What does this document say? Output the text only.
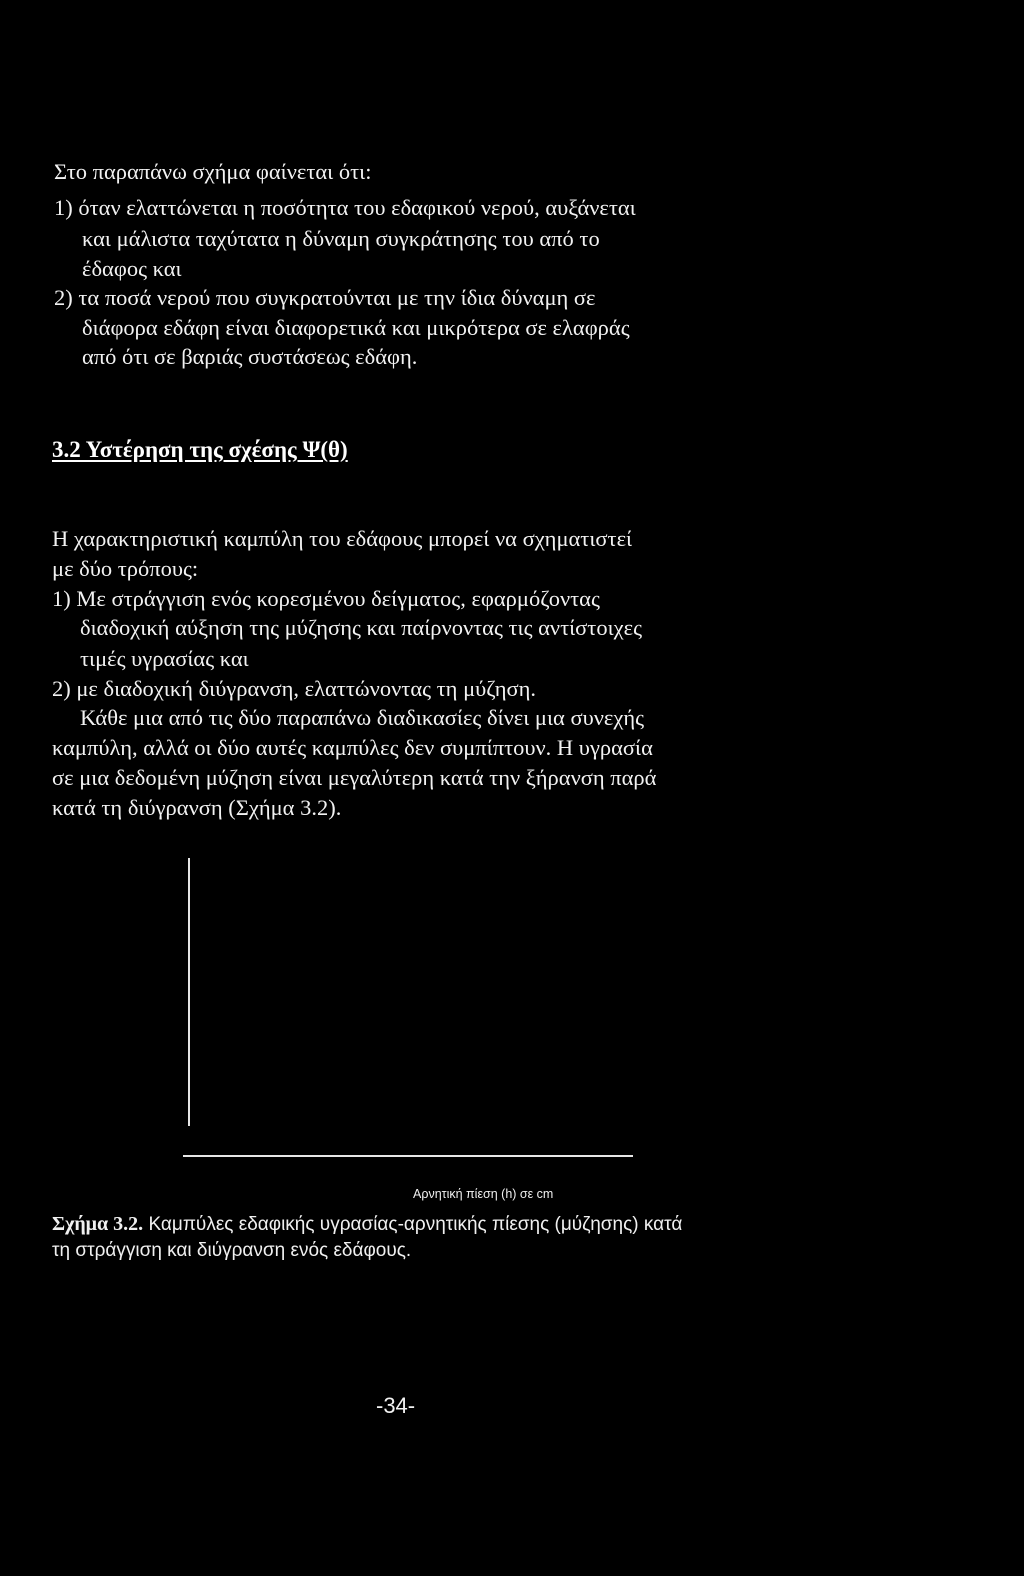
Στο παραπάνω σχήμα φαίνεται ότι:
1) όταν ελαττώνεται η ποσότητα του εδαφικού νερού, αυξάνεται
και μάλιστα ταχύτατα η δύναμη συγκράτησης του από το
έδαφος και
2) τα ποσά νερού που συγκρατούνται με την ίδια δύναμη σε
διάφορα εδάφη είναι διαφορετικά και μικρότερα σε ελαφράς
από ότι σε βαριάς συστάσεως εδάφη.
3.2 Υστέρηση της σχέσης Ψ(θ)
Η χαρακτηριστική καμπύλη του εδάφους μπορεί να σχηματιστεί
με δύο τρόπους:
1) Με στράγγιση ενός κορεσμένου δείγματος, εφαρμόζοντας
διαδοχική αύξηση της μύζησης και παίρνοντας τις αντίστοιχες
τιμές υγρασίας και
2) με διαδοχική διύγρανση, ελαττώνοντας τη μύζηση.
Κάθε μια από τις δύο παραπάνω διαδικασίες δίνει μια συνεχής
καμπύλη, αλλά οι δύο αυτές καμπύλες δεν συμπίπτουν. Η υγρασία
σε μια δεδομένη μύζηση είναι μεγαλύτερη κατά την ξήρανση παρά
κατά τη διύγρανση (Σχήμα 3.2).
Αρνητική πίεση (h) σε cm
Σχήμα 3.2. Καμπύλες εδαφικής υγρασίας-αρνητικής πίεσης (μύζησης) κατά
τη στράγγιση και διύγρανση ενός εδάφους.
-34-
